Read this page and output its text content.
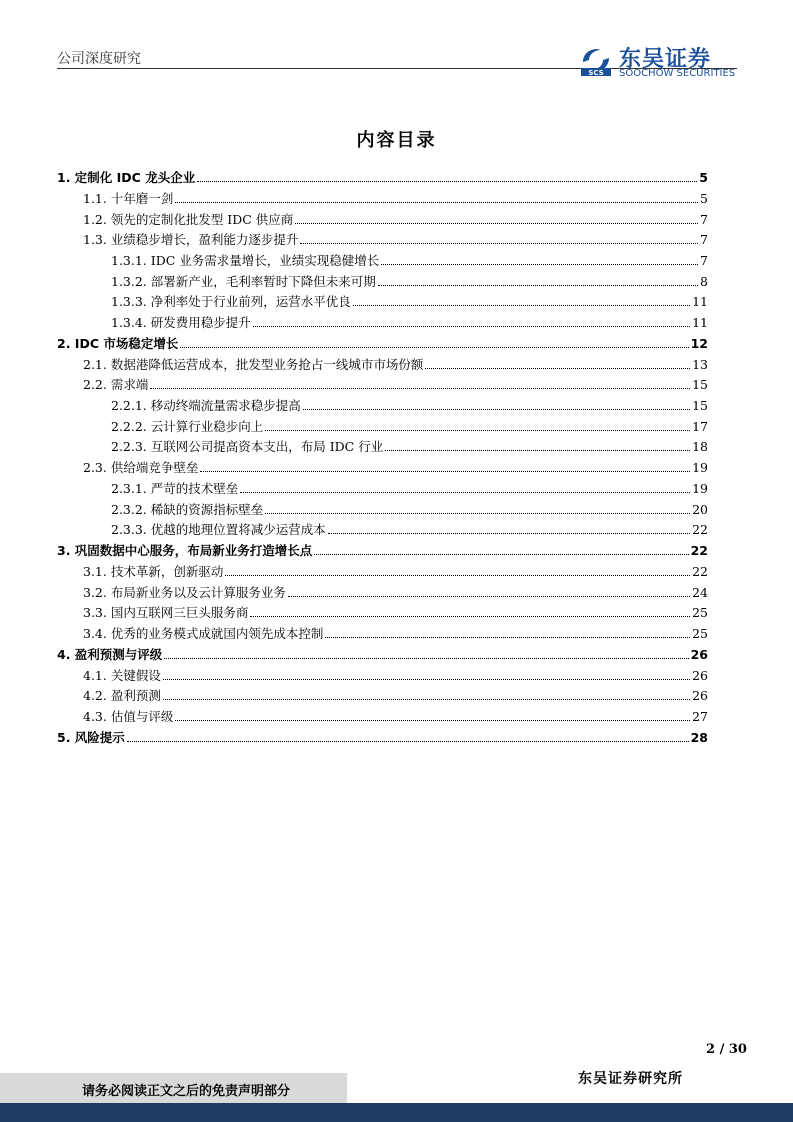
公司深度研究
SCS
东吴证券
SOOCHOW SECURITIES
内容目录
1. 定制化 IDC 龙头企业	5
1.1. 十年磨一剑	5
1.2. 领先的定制化批发型 IDC 供应商	7
1.3. 业绩稳步增长，盈利能力逐步提升	7
1.3.1. IDC 业务需求量增长，业绩实现稳健增长	7
1.3.2. 部署新产业，毛利率暂时下降但未来可期	8
1.3.3. 净利率处于行业前列，运营水平优良	11
1.3.4. 研发费用稳步提升	11
2. IDC 市场稳定增长	12
2.1. 数据港降低运营成本，批发型业务抢占一线城市市场份额	13
2.2. 需求端	15
2.2.1. 移动终端流量需求稳步提高	15
2.2.2. 云计算行业稳步向上	17
2.2.3. 互联网公司提高资本支出，布局 IDC 行业	18
2.3. 供给端竞争壁垒	19
2.3.1. 严苛的技术壁垒	19
2.3.2. 稀缺的资源指标壁垒	20
2.3.3. 优越的地理位置将减少运营成本	22
3. 巩固数据中心服务，布局新业务打造增长点	22
3.1. 技术革新，创新驱动	22
3.2. 布局新业务以及云计算服务业务	24
3.3. 国内互联网三巨头服务商	25
3.4. 优秀的业务模式成就国内领先成本控制	25
4. 盈利预测与评级	26
4.1. 关键假设	26
4.2. 盈利预测	26
4.3. 估值与评级	27
5. 风险提示	28
2 / 30
请务必阅读正文之后的免责声明部分
东吴证券研究所
